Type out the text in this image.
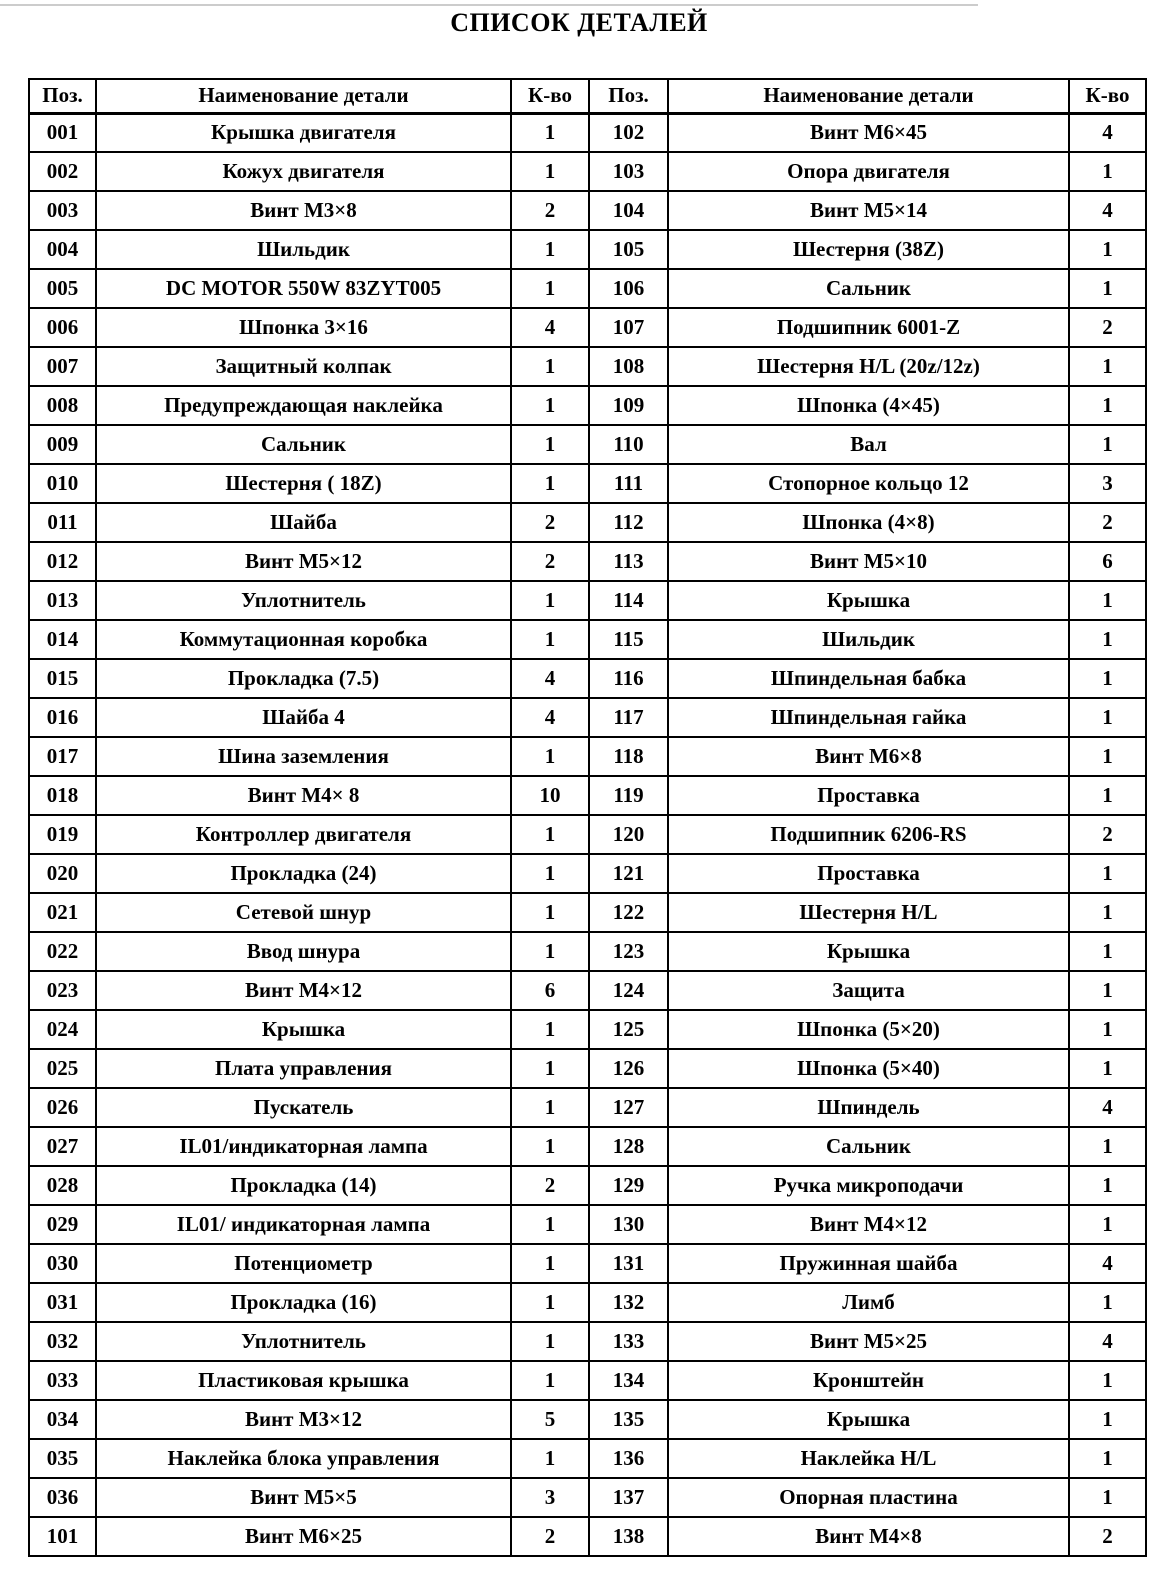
СПИСОК ДЕТАЛЕЙ
Поз.	Наименование детали	К-во	Поз.	Наименование детали	К-во
001	Крышка двигателя	1	102	Винт М6×45	4
002	Кожух двигателя	1	103	Опора двигателя	1
003	Винт М3×8	2	104	Винт М5×14	4
004	Шильдик	1	105	Шестерня (38Z)	1
005	DC MOTOR 550W 83ZYT005	1	106	Сальник	1
006	Шпонка 3×16	4	107	Подшипник 6001-Z	2
007	Защитный колпак	1	108	Шестерня H/L (20z/12z)	1
008	Предупреждающая наклейка	1	109	Шпонка (4×45)	1
009	Сальник	1	110	Вал	1
010	Шестерня ( 18Z)	1	111	Стопорное кольцо 12	3
011	Шайба	2	112	Шпонка (4×8)	2
012	Винт М5×12	2	113	Винт М5×10	6
013	Уплотнитель	1	114	Крышка	1
014	Коммутационная коробка	1	115	Шильдик	1
015	Прокладка (7.5)	4	116	Шпиндельная бабка	1
016	Шайба 4	4	117	Шпиндельная гайка	1
017	Шина заземления	1	118	Винт М6×8	1
018	Винт М4× 8	10	119	Проставка	1
019	Контроллер двигателя	1	120	Подшипник 6206-RS	2
020	Прокладка (24)	1	121	Проставка	1
021	Сетевой шнур	1	122	Шестерня H/L	1
022	Ввод шнура	1	123	Крышка	1
023	Винт М4×12	6	124	Защита	1
024	Крышка	1	125	Шпонка (5×20)	1
025	Плата управления	1	126	Шпонка (5×40)	1
026	Пускатель	1	127	Шпиндель	4
027	IL01/индикаторная лампа	1	128	Сальник	1
028	Прокладка (14)	2	129	Ручка микроподачи	1
029	IL01/ индикаторная лампа	1	130	Винт М4×12	1
030	Потенциометр	1	131	Пружинная шайба	4
031	Прокладка (16)	1	132	Лимб	1
032	Уплотнитель	1	133	Винт М5×25	4
033	Пластиковая крышка	1	134	Кронштейн	1
034	Винт М3×12	5	135	Крышка	1
035	Наклейка блока управления	1	136	Наклейка H/L	1
036	Винт М5×5	3	137	Опорная пластина	1
101	Винт М6×25	2	138	Винт М4×8	2
